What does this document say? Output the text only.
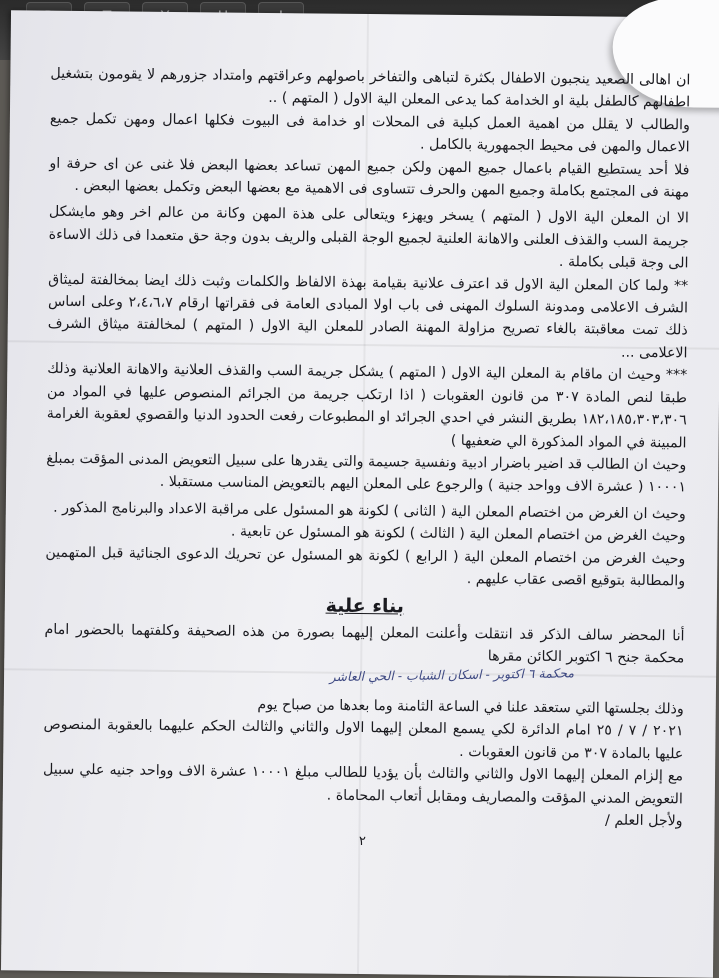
ان اهالى الصعيد ينجبون الاطفال بكثرة لتباهى والتفاخر باصولهم وعراقتهم وامتداد جزورهم لا يقومون بتشغيل اطفالهم كالطفل بلية او الخدامة كما يدعى المعلن الية الاول ( المتهم ) ..

والطالب لا يقلل من اهمية العمل كبلية فى المحلات او خدامة فى البيوت فكلها اعمال ومهن تكمل جميع الاعمال والمهن فى محيط الجمهورية بالكامل .

فلا أحد يستطيع القيام باعمال جميع المهن ولكن جميع المهن تساعد بعضها البعض فلا غنى عن اى حرفة او مهنة فى المجتمع بكاملة وجميع المهن والحرف تتساوى فى الاهمية مع بعضها البعض وتكمل بعضها البعض .

الا ان المعلن الية الاول ( المتهم ) يسخر ويهزء ويتعالى على هذة المهن وكانة من عالم اخر وهو مايشكل جريمة السب والقذف العلنى والاهانة العلنية لجميع الوجة القبلى والريف بدون وجة حق متعمدا فى ذلك الاساءة الى وجة قبلى بكاملة .

** ولما كان المعلن الية الاول قد اعترف علانية بقيامة بهذة الالفاظ والكلمات وثبت ذلك ايضا بمخالفتة لميثاق الشرف الاعلامى ومدونة السلوك المهنى فى باب اولا المبادى العامة فى فقراتها ارقام ٢،٤،٦،٧ وعلى اساس ذلك تمت معاقبتة بالغاء تصريح مزاولة المهنة الصادر للمعلن الية الاول ( المتهم ) لمخالفتة ميثاق الشرف الاعلامى ...

*** وحيث ان ماقام بة المعلن الية الاول ( المتهم ) يشكل جريمة السب والقذف العلانية والاهانة العلانية وذلك طبقا لنص المادة ٣٠٧ من قانون العقوبات ( اذا ارتكب جريمة من الجرائم المنصوص عليها في المواد من ١٨٢،١٨٥،٣٠٣،٣٠٦ بطريق النشر في احدي الجرائد او المطبوعات رفعت الحدود الدنيا والقصوي لعقوبة الغرامة المبينة في المواد المذكورة الي ضعفيها )

وحيث ان الطالب قد اضير باضرار ادبية ونفسية جسيمة والتى يقدرها على سبيل التعويض المدنى المؤقت بمبلغ ١٠٠٠١ ( عشرة الاف وواحد جنية ) والرجوع على المعلن اليهم بالتعويض المناسب مستقبلا .

وحيث ان الغرض من اختصام المعلن الية ( الثانى ) لكونة هو المسئول على مراقبة الاعداد والبرنامج المذكور .

وحيث الغرض من اختصام المعلن الية ( الثالث ) لكونة هو المسئول عن تابعية .

وحيث الغرض من اختصام المعلن الية ( الرابع ) لكونة هو المسئول عن تحريك الدعوى الجنائية قبل المتهمين والمطالبة بتوقيع اقصى عقاب عليهم .

بناء علية

أنا المحضر سالف الذكر قد انتقلت وأعلنت المعلن إليهما بصورة من هذه الصحيفة وكلفتهما بالحضور امام محكمة جنح ٦ اكتوبر الكائن مقرها

محكمة ٦ اكتوبر - اسكان الشباب - الحي العاشر

وذلك بجلستها التي ستعقد علنا في الساعة الثامنة وما بعدها من صباح يوم

٢٠٢١ / ٧ / ٢٥ امام الدائرة لكي يسمع المعلن إليهما الاول والثاني والثالث الحكم عليهما بالعقوبة المنصوص عليها بالمادة ٣٠٧ من قانون العقوبات .

مع إلزام المعلن إليهما الاول والثاني والثالث بأن يؤديا للطالب مبلغ ١٠٠٠١ عشرة الاف وواحد جنيه علي سبيل التعويض المدني المؤقت والمصاريف ومقابل أتعاب المحاماة .

ولأجل العلم /

٢
